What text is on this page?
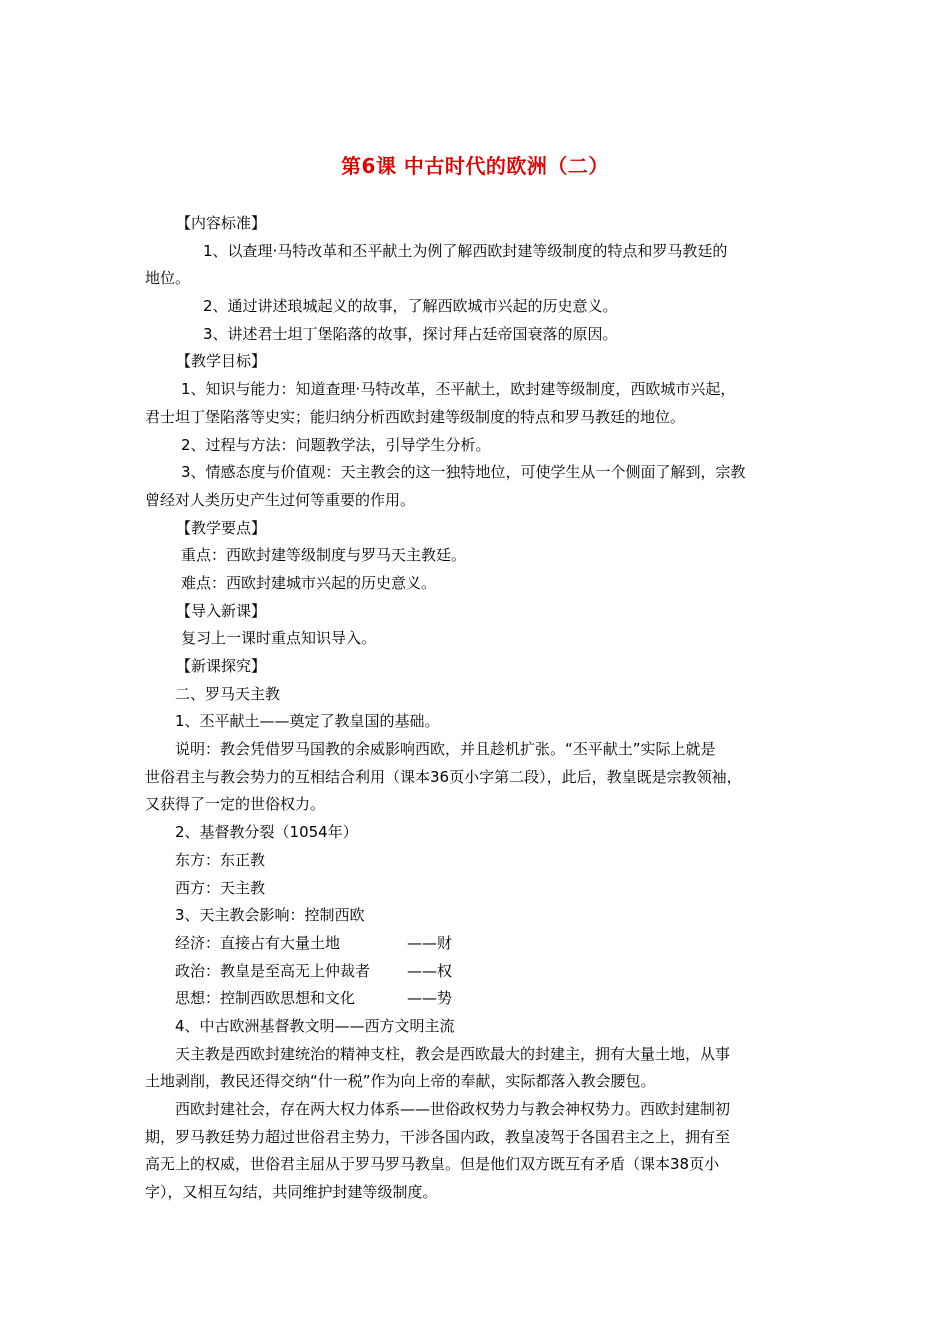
第6课 中古时代的欧洲（二）
【内容标准】
1、以查理·马特改革和丕平献土为例了解西欧封建等级制度的特点和罗马教廷的
地位。
2、通过讲述琅城起义的故事，了解西欧城市兴起的历史意义。
3、讲述君士坦丁堡陷落的故事，探讨拜占廷帝国衰落的原因。
【教学目标】
1、知识与能力：知道查理·马特改革，丕平献土，欧封建等级制度，西欧城市兴起，
君士坦丁堡陷落等史实；能归纳分析西欧封建等级制度的特点和罗马教廷的地位。
2、过程与方法：问题教学法，引导学生分析。
3、情感态度与价值观：天主教会的这一独特地位，可使学生从一个侧面了解到，宗教
曾经对人类历史产生过何等重要的作用。
【教学要点】
重点：西欧封建等级制度与罗马天主教廷。
难点：西欧封建城市兴起的历史意义。
【导入新课】
复习上一课时重点知识导入。
【新课探究】
二、罗马天主教
1、丕平献土——奠定了教皇国的基础。
说明：教会凭借罗马国教的余威影响西欧，并且趁机扩张。“丕平献土”实际上就是
世俗君主与教会势力的互相结合利用（课本36页小字第二段），此后，教皇既是宗教领袖，
又获得了一定的世俗权力。
2、基督教分裂（1054年）
东方：东正教
西方：天主教
3、天主教会影响：控制西欧
经济：直接占有大量土地	——财
政治：教皇是至高无上仲裁者 ——权
思想：控制西欧思想和文化	——势
4、中古欧洲基督教文明——西方文明主流
天主教是西欧封建统治的精神支柱，教会是西欧最大的封建主，拥有大量土地，从事
土地剥削，教民还得交纳“什一税”作为向上帝的奉献，实际都落入教会腰包。
西欧封建社会，存在两大权力体系——世俗政权势力与教会神权势力。西欧封建制初
期，罗马教廷势力超过世俗君主势力，干涉各国内政，教皇凌驾于各国君主之上，拥有至
高无上的权威，世俗君主屈从于罗马罗马教皇。但是他们双方既互有矛盾（课本38页小
字），又相互勾结，共同维护封建等级制度。
